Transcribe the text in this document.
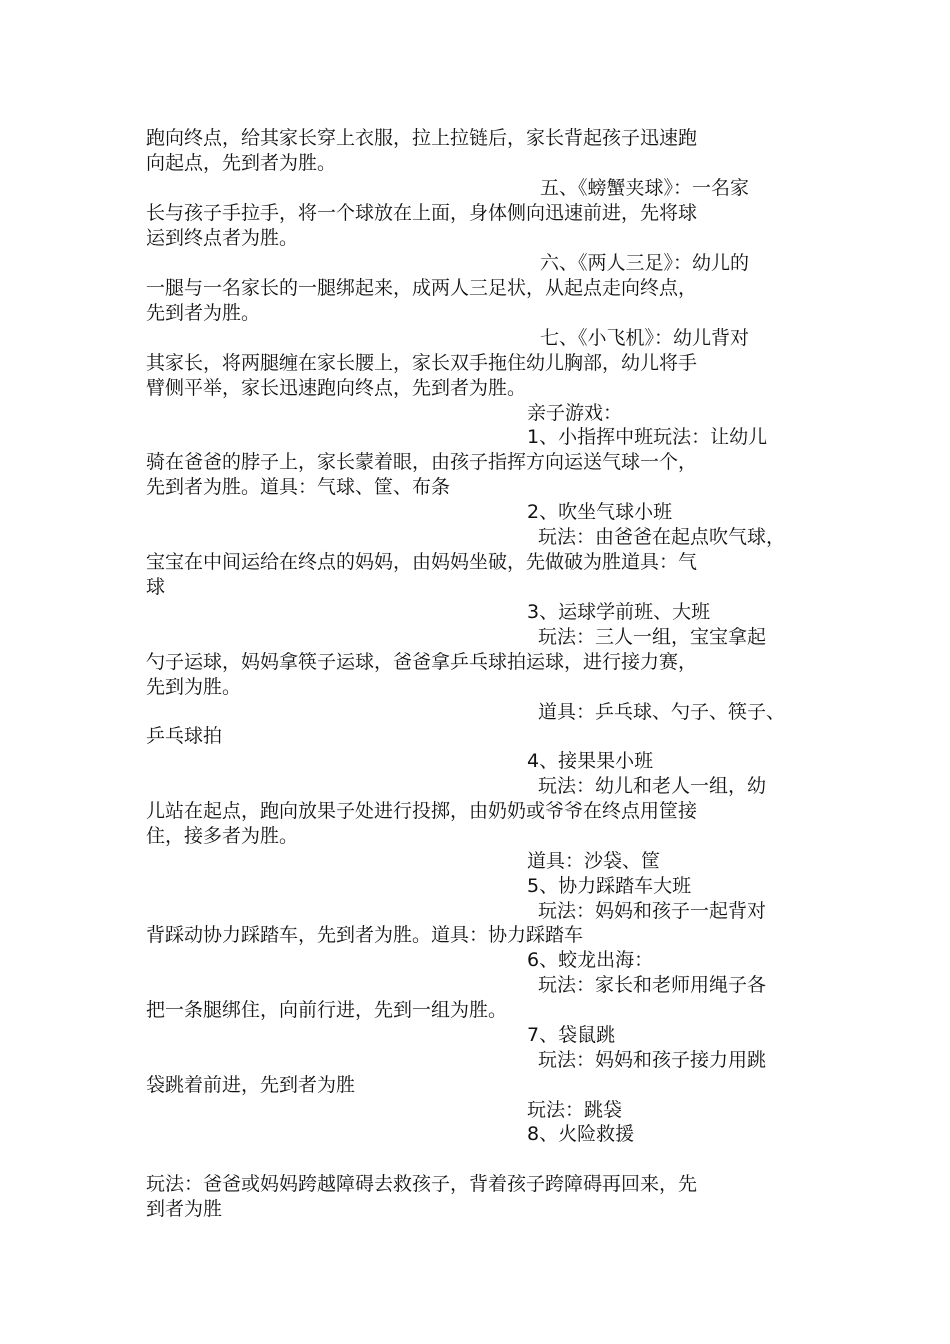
跑向终点，给其家长穿上衣服，拉上拉链后，家长背起孩子迅速跑

向起点，先到者为胜。

五、《螃蟹夹球》：一名家

长与孩子手拉手，将一个球放在上面，身体侧向迅速前进，先将球

运到终点者为胜。

六、《两人三足》：幼儿的

一腿与一名家长的一腿绑起来，成两人三足状，从起点走向终点，

先到者为胜。

七、《小飞机》：幼儿背对

其家长，将两腿缠在家长腰上，家长双手拖住幼儿胸部，幼儿将手

臂侧平举，家长迅速跑向终点，先到者为胜。

亲子游戏：

1、小指挥中班玩法：让幼儿

骑在爸爸的脖子上，家长蒙着眼，由孩子指挥方向运送气球一个，

先到者为胜。道具：气球、筐、布条

2、吹坐气球小班

玩法：由爸爸在起点吹气球，

宝宝在中间运给在终点的妈妈，由妈妈坐破，先做破为胜道具：气

球

3、运球学前班、大班

玩法：三人一组，宝宝拿起

勺子运球，妈妈拿筷子运球，爸爸拿乒乓球拍运球，进行接力赛，

先到为胜。

道具：乒乓球、勺子、筷子、

乒乓球拍

4、接果果小班

玩法：幼儿和老人一组，幼

儿站在起点，跑向放果子处进行投掷，由奶奶或爷爷在终点用筐接

住，接多者为胜。

道具：沙袋、筐

5、协力踩踏车大班

玩法：妈妈和孩子一起背对

背踩动协力踩踏车，先到者为胜。道具：协力踩踏车

6、蛟龙出海：

玩法：家长和老师用绳子各

把一条腿绑住，向前行进，先到一组为胜。

7、袋鼠跳

玩法：妈妈和孩子接力用跳

袋跳着前进，先到者为胜

玩法：跳袋

8、火险救援

玩法：爸爸或妈妈跨越障碍去救孩子，背着孩子跨障碍再回来，先

到者为胜
